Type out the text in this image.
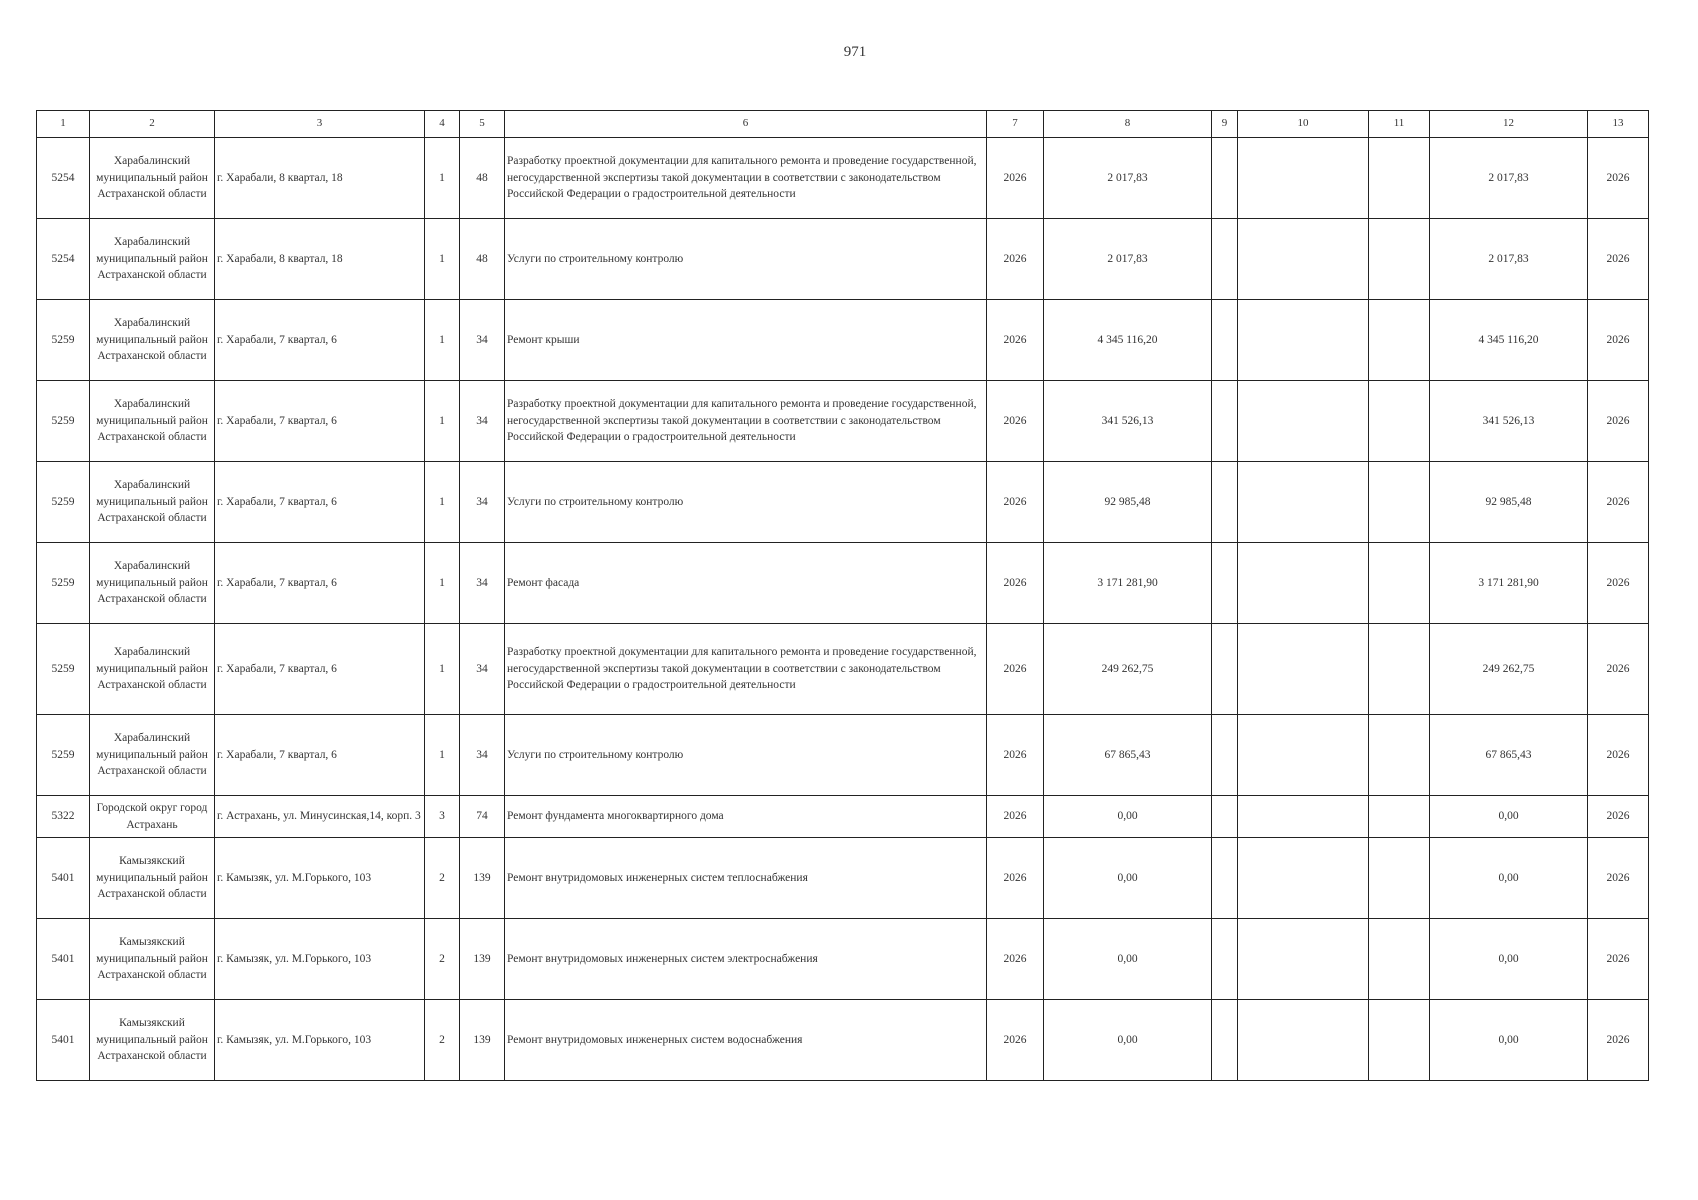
971
1	2	3	4	5	6	7	8	9	10	11	12	13
5254	Харабалинский муниципальный район Астраханской области	г. Харабали, 8 квартал, 18	1	48	Разработку проектной документации для капитального ремонта и проведение государственной, негосударственной экспертизы такой документации в соответствии с законодательством Российской Федерации о градостроительной деятельности	2026	2 017,83				2 017,83	2026
5254	Харабалинский муниципальный район Астраханской области	г. Харабали, 8 квартал, 18	1	48	Услуги по строительному контролю	2026	2 017,83				2 017,83	2026
5259	Харабалинский муниципальный район Астраханской области	г. Харабали, 7 квартал, 6	1	34	Ремонт крыши	2026	4 345 116,20				4 345 116,20	2026
5259	Харабалинский муниципальный район Астраханской области	г. Харабали, 7 квартал, 6	1	34	Разработку проектной документации для капитального ремонта и проведение государственной, негосударственной экспертизы такой документации в соответствии с законодательством Российской Федерации о градостроительной деятельности	2026	341 526,13				341 526,13	2026
5259	Харабалинский муниципальный район Астраханской области	г. Харабали, 7 квартал, 6	1	34	Услуги по строительному контролю	2026	92 985,48				92 985,48	2026
5259	Харабалинский муниципальный район Астраханской области	г. Харабали, 7 квартал, 6	1	34	Ремонт фасада	2026	3 171 281,90				3 171 281,90	2026
5259	Харабалинский муниципальный район Астраханской области	г. Харабали, 7 квартал, 6	1	34	Разработку проектной документации для капитального ремонта и проведение государственной, негосударственной экспертизы такой документации в соответствии с законодательством Российской Федерации о градостроительной деятельности	2026	249 262,75				249 262,75	2026
5259	Харабалинский муниципальный район Астраханской области	г. Харабали, 7 квартал, 6	1	34	Услуги по строительному контролю	2026	67 865,43				67 865,43	2026
5322	Городской округ город Астрахань	г. Астрахань, ул. Минусинская,14, корп. 3	3	74	Ремонт фундамента многоквартирного дома	2026	0,00				0,00	2026
5401	Камызякский муниципальный район Астраханской области	г. Камызяк, ул. М.Горького, 103	2	139	Ремонт внутридомовых инженерных систем теплоснабжения	2026	0,00				0,00	2026
5401	Камызякский муниципальный район Астраханской области	г. Камызяк, ул. М.Горького, 103	2	139	Ремонт внутридомовых инженерных систем электроснабжения	2026	0,00				0,00	2026
5401	Камызякский муниципальный район Астраханской области	г. Камызяк, ул. М.Горького, 103	2	139	Ремонт внутридомовых инженерных систем водоснабжения	2026	0,00				0,00	2026
